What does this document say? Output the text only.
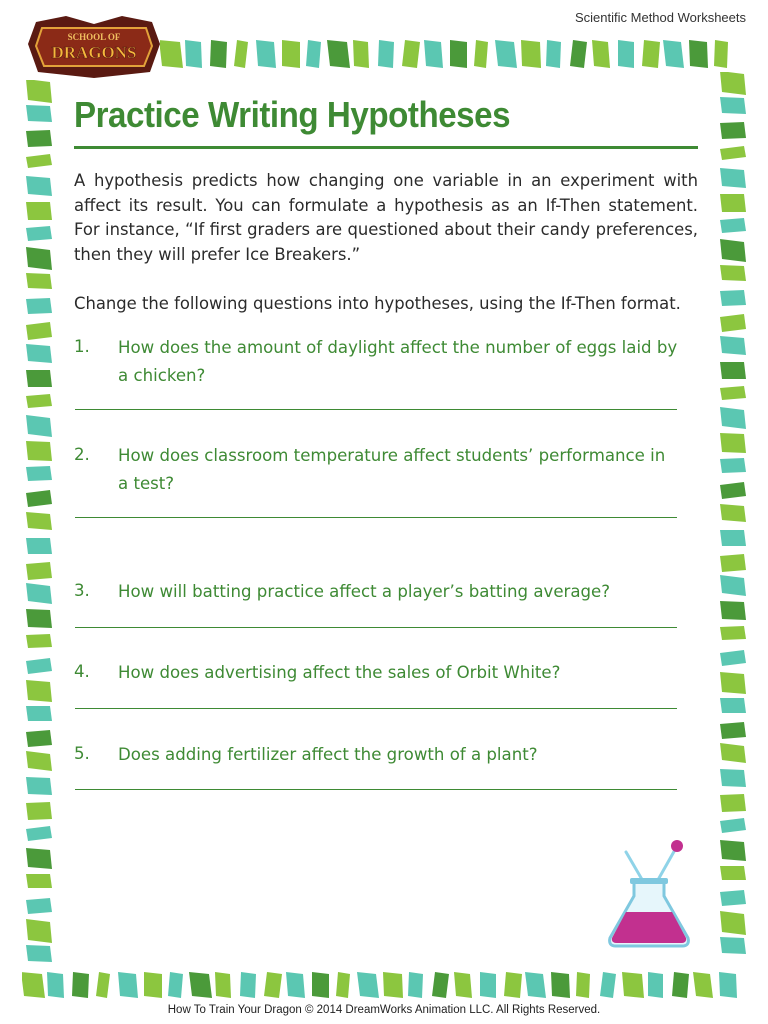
Scientific Method Worksheets
SCHOOL OF
DRAGONS
Practice Writing Hypotheses

A hypothesis predicts how changing one variable in an experiment with affect its result. You can formulate a hypothesis as an If-Then statement. For instance, “If first graders are questioned about their candy preferences, then they will prefer Ice Breakers.”

Change the following questions into hypotheses, using the If-Then format.

1. How does the amount of daylight affect the number of eggs laid by a chicken?
2. How does classroom temperature affect students’ performance in a test?
3. How will batting practice affect a player’s batting average?
4. How does advertising affect the sales of Orbit White?
5. Does adding fertilizer affect the growth of a plant?
How To Train Your Dragon © 2014 DreamWorks Animation LLC. All Rights Reserved.
